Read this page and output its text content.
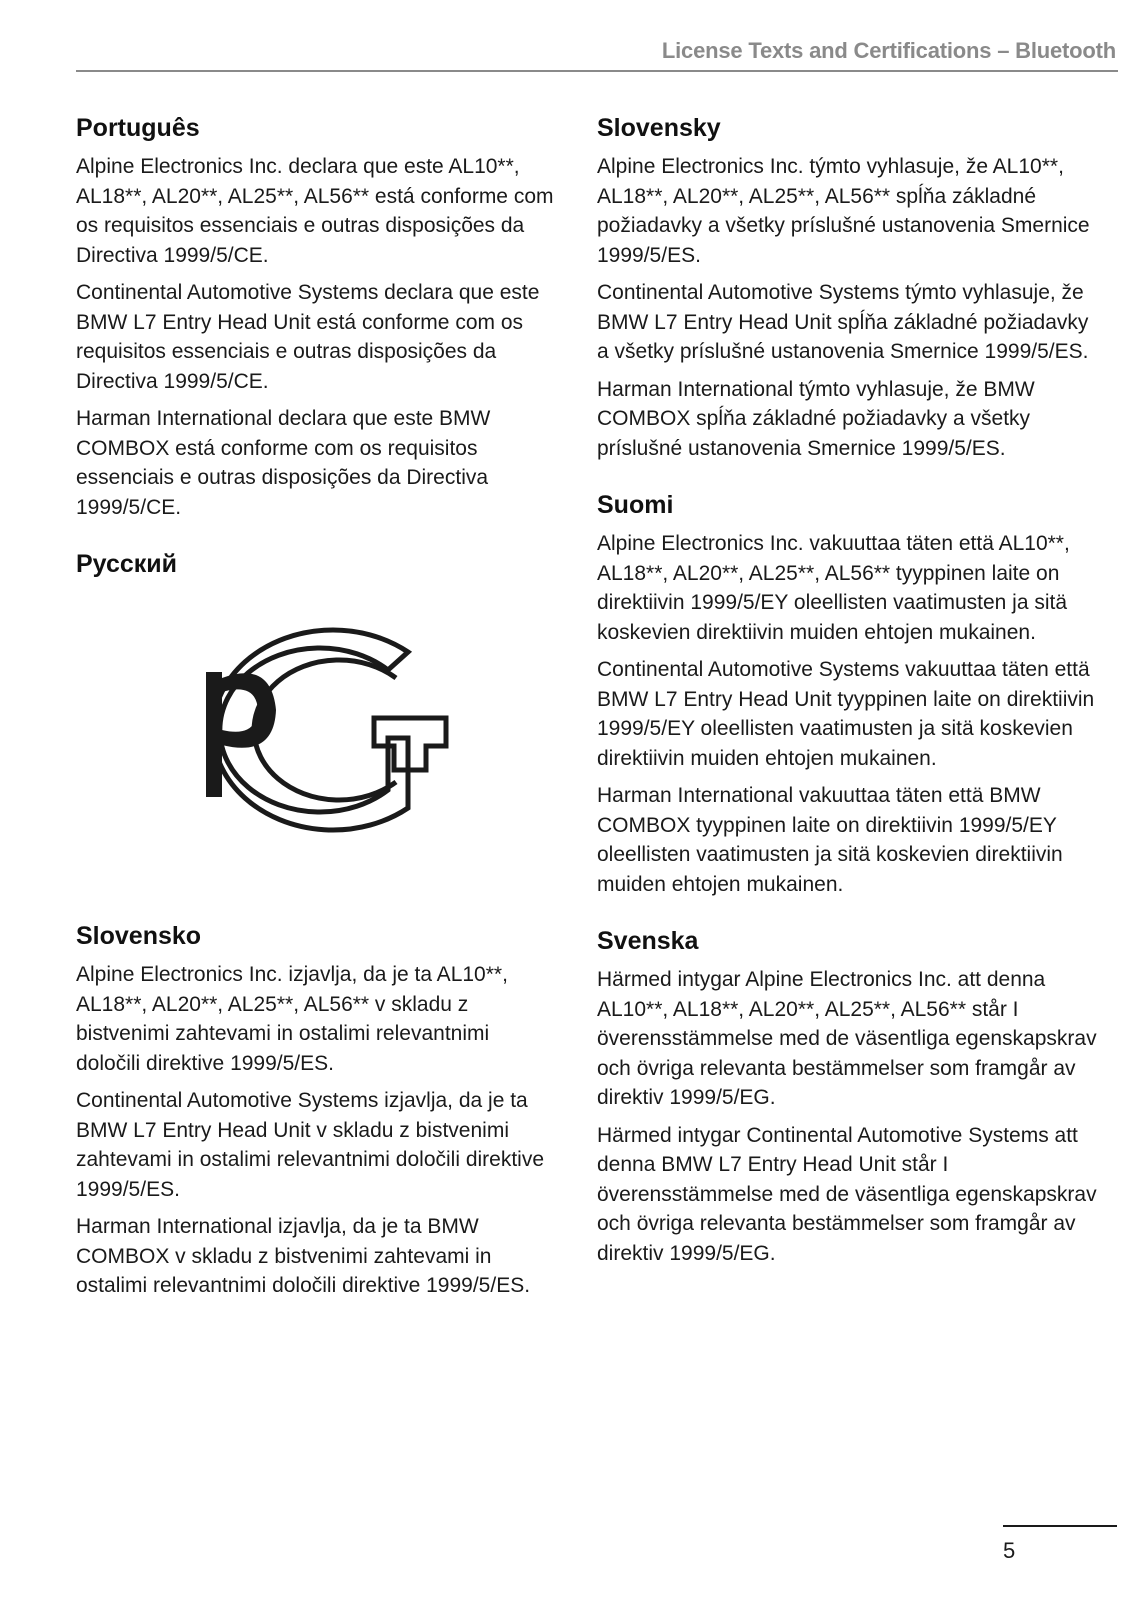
License Texts and Certifications – Bluetooth
Português

Alpine Electronics Inc. declara que este AL10**, AL18**, AL20**, AL25**, AL56** está conforme com os requisitos essenciais e outras disposições da Directiva 1999/5/CE.

Continental Automotive Systems declara que este BMW L7 Entry Head Unit está conforme com os requisitos essenciais e outras disposições da Directiva 1999/5/CE.

Harman International declara que este BMW COMBOX está conforme com os requisitos essenciais e outras disposições da Directiva 1999/5/CE.

Русский
Slovensko

Alpine Electronics Inc. izjavlja, da je ta AL10**, AL18**, AL20**, AL25**, AL56** v skladu z bistvenimi zahtevami in ostalimi relevantnimi določili direktive 1999/5/ES.

Continental Automotive Systems izjavlja, da je ta BMW L7 Entry Head Unit v skladu z bistvenimi zahtevami in ostalimi relevantnimi določili direktive 1999/5/ES.

Harman International izjavlja, da je ta BMW COMBOX v skladu z bistvenimi zahtevami in ostalimi relevantnimi določili direktive 1999/5/ES.

Slovensky

Alpine Electronics Inc. týmto vyhlasuje, že AL10**, AL18**, AL20**, AL25**, AL56** spĺňa základné požiadavky a všetky príslušné ustanovenia Smernice 1999/5/ES.

Continental Automotive Systems týmto vyhlasuje, že BMW L7 Entry Head Unit spĺňa základné požiadavky a všetky príslušné ustanovenia Smernice 1999/5/ES.

Harman International týmto vyhlasuje, že BMW COMBOX spĺňa základné požiadavky a všetky príslušné ustanovenia Smernice 1999/5/ES.

Suomi

Alpine Electronics Inc. vakuuttaa täten että AL10**, AL18**, AL20**, AL25**, AL56** tyyppinen laite on direktiivin 1999/5/EY oleellisten vaatimusten ja sitä koskevien direktiivin muiden ehtojen mukainen.

Continental Automotive Systems vakuuttaa täten että BMW L7 Entry Head Unit tyyppinen laite on direktiivin 1999/5/EY oleellisten vaatimusten ja sitä koskevien direktiivin muiden ehtojen mukainen.

Harman International vakuuttaa täten että BMW COMBOX tyyppinen laite on direktiivin 1999/5/EY oleellisten vaatimusten ja sitä koskevien direktiivin muiden ehtojen mukainen.

Svenska

Härmed intygar Alpine Electronics Inc. att denna AL10**, AL18**, AL20**, AL25**, AL56** står I överensstämmelse med de väsentliga egenskapskrav och övriga relevanta bestämmelser som framgår av direktiv 1999/5/EG.

Härmed intygar Continental Automotive Systems att denna BMW L7 Entry Head Unit står I överensstämmelse med de väsentliga egenskapskrav och övriga relevanta bestämmelser som framgår av direktiv 1999/5/EG.

5
